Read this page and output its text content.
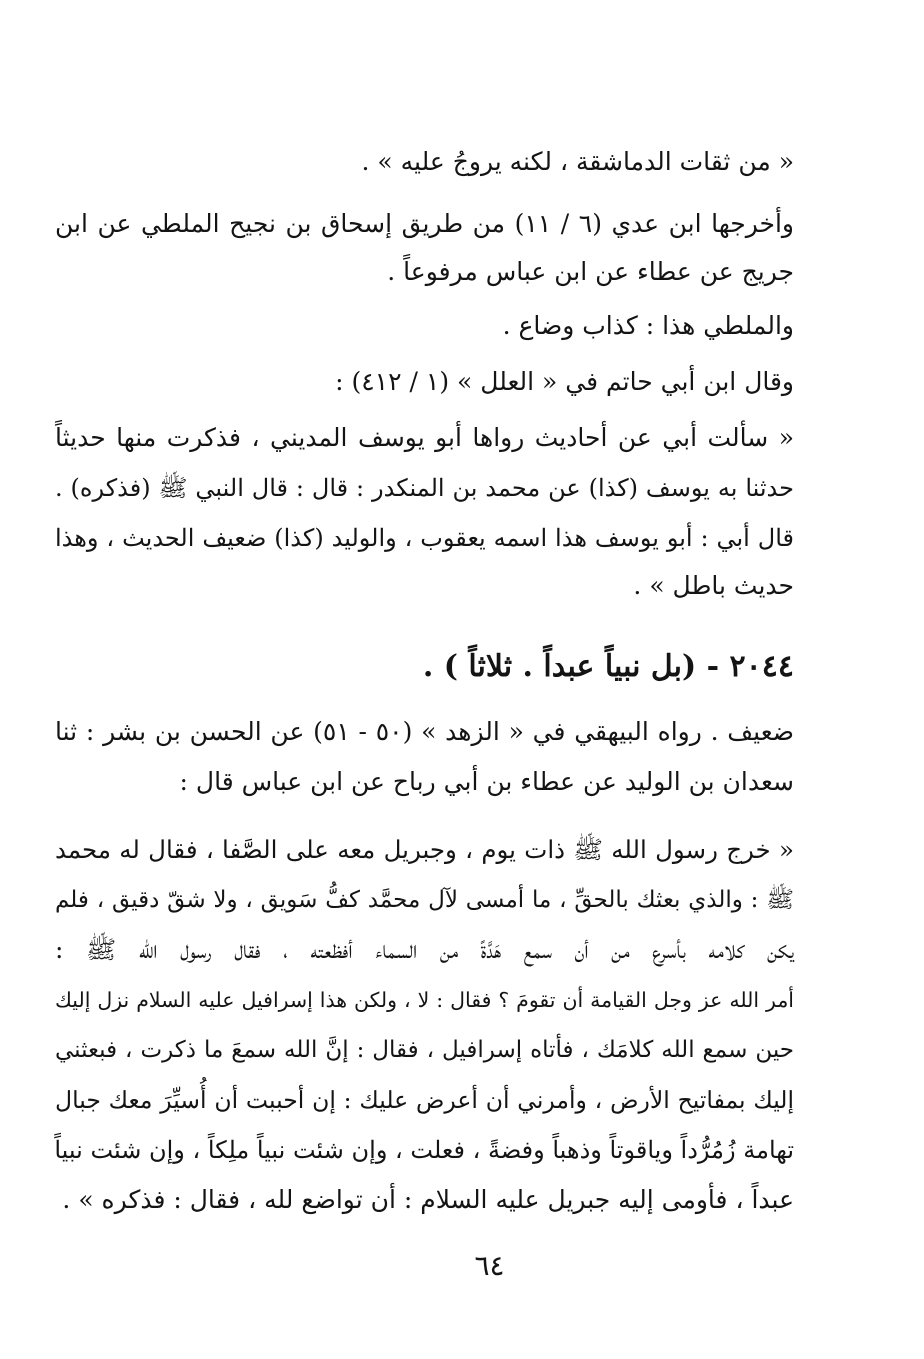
« من ثقات الدماشقة ، لكنه يروجُ عليه » .
وأخرجها ابن عدي (٦ / ١١) من طريق إسحاق بن نجيح الملطي عن ابن
جريج عن عطاء عن ابن عباس مرفوعاً .
والملطي هذا : كذاب وضاع .
وقال ابن أبي حاتم في « العلل » (١ / ٤١٢) :
« سألت أبي عن أحاديث رواها أبو يوسف المديني ، فذكرت منها حديثاً
حدثنا به يوسف (كذا) عن محمد بن المنكدر : قال : قال النبي ﷺ (فذكره) .
قال أبي : أبو يوسف هذا اسمه يعقوب ، والوليد (كذا) ضعيف الحديث ، وهذا
حديث باطل » .
٢٠٤٤ - (بل نبياً عبداً . ثلاثاً ) .
ضعيف . رواه البيهقي في « الزهد » (٥٠ - ٥١) عن الحسن بن بشر : ثنا
سعدان بن الوليد عن عطاء بن أبي رباح عن ابن عباس قال :
« خرج رسول الله ﷺ ذات يوم ، وجبريل معه على الصَّفا ، فقال له محمد
ﷺ : والذي بعثك بالحقِّ ، ما أمسى لآل محمَّد كفُّ سَويق ، ولا شقّ دقيق ، فلم
يكن كلامه بأسرع من أن سمع هَدَّةً من السماء أفظعته ، فقال رسول الله ﷺ :
أمر الله عز وجل القيامة أن تقومَ ؟ فقال : لا ، ولكن هذا إسرافيل عليه السلام نزل إليك
حين سمع الله كلامَك ، فأتاه إسرافيل ، فقال : إنَّ الله سمعَ ما ذكرت ، فبعثني
إليك بمفاتيح الأرض ، وأمرني أن أعرض عليك : إن أحببت أن أُسيِّرَ معك جبال
تهامة زُمُرُّداً وياقوتاً وذهباً وفضةً ، فعلت ، وإن شئت نبياً ملِكاً ، وإن شئت نبياً
عبداً ، فأومى إليه جبريل عليه السلام : أن تواضع لله ، فقال : فذكره » .
٦٤
